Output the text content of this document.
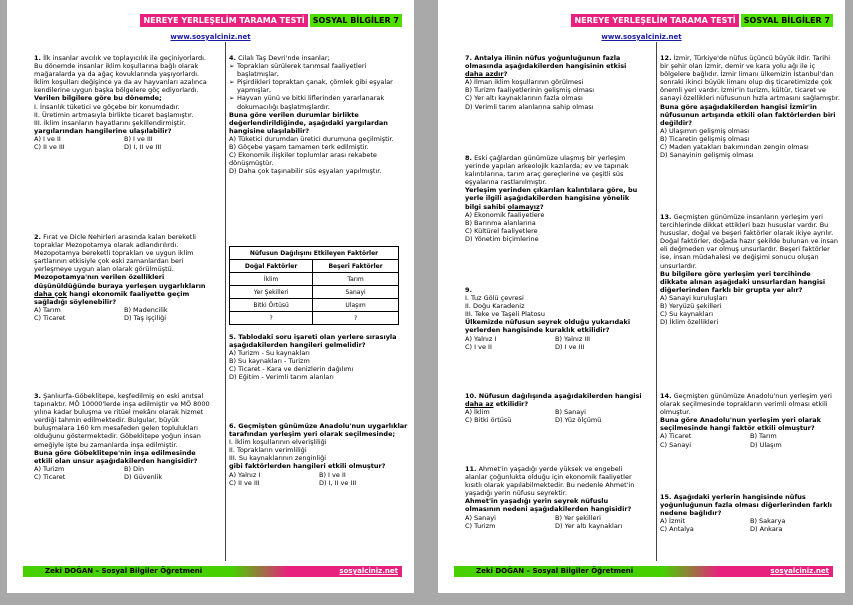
NEREYE YERLEŞELİM TARAMA TESTİ	SOSYAL BİLGİLER 7
www.sosyalciniz.net

1. İlk insanlar avcılık ve toplayıcılık ile geçiniyorlardı. Bu dönemde insanlar iklim koşullarına bağlı olarak mağaralarda ya da ağaç kovuklarında yaşıyorlardı. İklim koşulları değişince ya da av hayvanları azalınca kendilerine uygun başka bölgelere göç ediyorlardı.

Verilen bilgilere göre bu dönemde;

I. İnsanlık tüketici ve göçebe bir konumdadır.

II. Üretimin artmasıyla birlikte ticaret başlamıştır.

III. İklim insanların hayatlarını şekillendirmiştir.

yargılarından hangilerine ulaşılabilir?

A) I ve II	B) I ve III
C) II ve III	D) I, II ve III

2. Fırat ve Dicle Nehirleri arasında kalan bereketli topraklar Mezopotamya olarak adlandırılırdı. Mezopotamya bereketli toprakları ve uygun iklim şartlarının etkisiyle çok eski zamanlardan beri yerleşmeye uygun alan olarak görülmüştü.

Mezopotamya'nın verilen özellikleri düşünüldüğünde buraya yerleşen uygarlıkların daha çok hangi ekonomik faaliyette geçim sağladığı söylenebilir?

A) Tarım	B) Madencilik
C) Ticaret	D) Taş işçiliği

3. Şanlıurfa-Göbeklitepe, keşfedilmiş en eski anıtsal tapınaktır. MÖ 10000'lerde inşa edilmiştir ve MÖ 8000 yılına kadar buluşma ve ritüel mekânı olarak hizmet verdiği tahmin edilmektedir. Bulgular, büyük buluşmalara 160 km mesafeden gelen toplulukları olduğunu göstermektedir. Göbeklitepe yoğun insan emeğiyle işte bu zamanlarda inşa edilmiştir.

Buna göre Göbeklitepe'nin inşa edilmesinde etkili olan unsur aşağıdakilerden hangisidir?

A) Turizm	B) Din
C) Ticaret	D) Güvenlik

4. Cilalı Taş Devri'nde insanlar;

➢ Toprakları sürülerek tarımsal faaliyetleri başlatmışlar,
➢ Pişirdikleri topraktan çanak, çömlek gibi eşyalar yapmışlar,
➢ Hayvan yünü ve bitki liflerinden yararlanarak dokumacılığı başlatmışlardır.

Buna göre verilen durumlar birlikte değerlendirildiğinde, aşağıdaki yargılardan hangisine ulaşılabilir?

A) Tüketici durumdan üretici durumuna geçilmiştir.

B) Göçebe yaşam tamamen terk edilmiştir.

C) Ekonomik ilişkiler toplumlar arası rekabete dönüşmüştür.

D) Daha çok taşınabilir süs eşyaları yapılmıştır.

Nüfusun Dağılışını Etkileyen Faktörler	
Doğal Faktörler	Beşeri Faktörler
İklim	Tarım
Yer Şekilleri	Sanayi
Bitki Örtüsü	Ulaşım
?	?

5. Tablodaki soru işareti olan yerlere sırasıyla aşağıdakilerden hangileri gelmelidir?

A) Turizm - Su kaynakları

B) Su kaynakları - Turizm

C) Ticaret - Kara ve denizlerin dağılımı

D) Eğitim - Verimli tarım alanları

6. Geçmişten günümüze Anadolu'nun uygarlıklar tarafından yerleşim yeri olarak seçilmesinde;

I. İklim koşullarının elverişliliği

II. Toprakların verimliliği

III. Su kaynaklarının zenginliği

gibi faktörlerden hangileri etkili olmuştur?

A) Yalnız I	B) I ve II
C) II ve III	D) I, II ve III
Zeki DOĞAN – Sosyal Bilgiler Öğretmeni	sosyalciniz.net
NEREYE YERLEŞELİM TARAMA TESTİ	SOSYAL BİLGİLER 7
www.sosyalciniz.net

7. Antalya ilinin nüfus yoğunluğunun fazla olmasında aşağıdakilerden hangisinin etkisi daha azdır?

A) İlman iklim koşullarının görülmesi

B) Turizm faaliyetlerinin gelişmiş olması

C) Yer altı kaynaklarının fazla olması

D) Verimli tarım alanlarına sahip olması

8. Eski çağlardan günümüze ulaşmış bir yerleşim yerinde yapılan arkeolojik kazılarda; ev ve tapınak kalıntılarına, tarım araç gereçlerine ve çeşitli süs eşyalarına rastlanılmıştır.

Yerleşim yerinden çıkarılan kalıntılara göre, bu yerle ilgili aşağıdakilerden hangisine yönelik bilgi sahibi olamayız?

A) Ekonomik faaliyetlere

B) Barınma alanlarına

C) Kültürel faaliyetlere

D) Yönetim biçimlerine

9.

I. Tuz Gölü çevresi

II. Doğu Karadeniz

III. Teke ve Taşeli Platosu

Ülkemizde nüfusun seyrek olduğu yukarıdaki yerlerden hangisinde kuraklık etkilidir?

A) Yalnız I	B) Yalnız III
C) I ve II	D) I ve III

10. Nüfusun dağılışında aşağıdakilerden hangisi daha az etkilidir?

A) İklim	B) Sanayi
C) Bitki örtüsü	D) Yüz ölçümü

11. Ahmet'in yaşadığı yerde yüksek ve engebeli alanlar çoğunlukta olduğu için ekonomik faaliyetler kısıtlı olarak yapılabilmektedir. Bu nedenle Ahmet'in yaşadığı yerin nüfusu seyrektir.

Ahmet'in yaşadığı yerin seyrek nüfuslu olmasının nedeni aşağıdakilerden hangisidir?

A) Sanayi	B) Yer şekilleri
C) Turizm	D) Yer altı kaynakları

12. İzmir, Türkiye'de nüfus üçüncü büyük ildir. Tarihi bir şehir olan İzmir, demir ve kara yolu ağı ile iç bölgelere bağlıdır. İzmir limanı ülkemizin İstanbul'dan sonraki ikinci büyük limanı olup dış ticaretimizde çok önemli yeri vardır. İzmir'in turizm, kültür, ticaret ve sanayi özellikleri nüfusunun hızla artmasını sağlamıştır.

Buna göre aşağıdakilerden hangisi İzmir'in nüfusunun artışında etkili olan faktörlerden biri değildir?

A) Ulaşımın gelişmiş olması

B) Ticaretin gelişmiş olması

C) Maden yatakları bakımından zengin olması

D) Sanayinin gelişmiş olması

13. Geçmişten günümüze insanların yerleşim yeri tercihlerinde dikkat ettikleri bazı hususlar vardır. Bu hususlar, doğal ve beşeri faktörler olarak ikiye ayrılır. Doğal faktörler, doğada hazır şekilde bulunan ve insan eli değmeden var olmuş unsurlardır. Beşeri faktörler ise, insan müdahalesi ve değişimi sonucu oluşan unsurlardır.

Bu bilgilere göre yerleşim yeri tercihinde dikkate alınan aşağıdaki unsurlardan hangisi diğerlerinden farklı bir grupta yer alır?

A) Sanayi kuruluşları

B) Yeryüzü şekilleri

C) Su kaynakları

D) İklim özellikleri

14. Geçmişten günümüze Anadolu'nun yerleşim yeri olarak seçilmesinde toprakların verimli olması etkili olmuştur.

Buna göre Anadolu'nun yerleşim yeri olarak seçilmesinde hangi faktör etkili olmuştur?

A) Ticaret	B) Tarım
C) Sanayi	D) Ulaşım

15. Aşağıdaki yerlerin hangisinde nüfus yoğunluğunun fazla olması diğerlerinden farklı nedene bağlıdır?

A) İzmit	B) Sakarya
C) Antalya	D) Ankara
Zeki DOĞAN – Sosyal Bilgiler Öğretmeni	sosyalciniz.net
